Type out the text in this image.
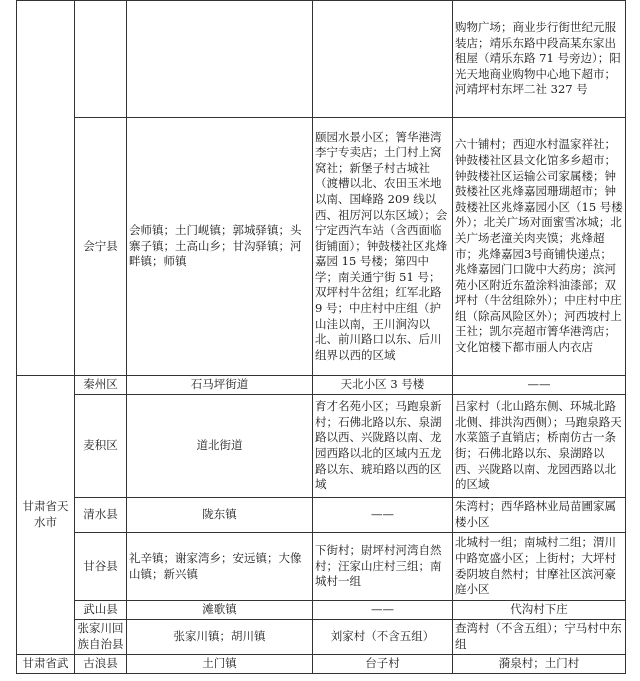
				购物广场；商业步行街世纪元服装店；靖乐东路中段高某东家出租屋（靖乐东路 71 号旁边）；阳光天地商业购物中心地下超市；河靖坪村东坪二社 327 号
	会宁县	会师镇；土门岘镇；郭城驿镇；头寨子镇；土高山乡；甘沟驿镇；河畔镇；师镇	颐园水景小区；箐华港湾李宁专卖店；土门村上窝窝社；新堡子村古城社（渡槽以北、农田玉米地以南、国峰路 209 线以西、祖厉河以东区域）；会宁定西汽车站（含西面临街铺面）；钟鼓楼社区兆烽嘉园 15 号楼；第四中学；南关通宁街 51 号；双坪村牛岔组；红军北路 9 号；中庄村中庄组（护山洼以南，王川涧沟以北、前川路口以东、后川组界以西的区域	六十铺村；西迎水村温家祥社；钟鼓楼社区县文化馆多乡超市；钟鼓楼社区运输公司家属楼；钟鼓楼社区兆烽嘉园珊瑚超市；钟鼓楼社区兆烽嘉园小区（15 号楼外）；北关广场对面蜜雪冰城；北关广场老潼关肉夹馍；兆烽超市；兆烽嘉园3号商铺快递点；兆烽嘉园门口陇中大药房；滨河苑小区附近东盈涂料油漆部；双坪村（牛岔组除外）；中庄村中庄组（除高风险区外）；河西坡村上王社；凯尔亮超市箐华港湾店；文化馆楼下都市丽人内衣店
甘肃省天水市	秦州区	石马坪街道	天北小区 3 号楼	——
	麦积区	道北街道	育才名苑小区；马跑泉新村；石佛北路以东、泉湖路以西、兴陇路以南、龙园西路以北的区域内五龙路以东、琥珀路以西的区域	吕家村（北山路东侧、环城北路北侧、排洪沟西侧）；马跑泉路天水菜篮子直销店；桥南仿古一条街；石佛北路以东、泉湖路以西、兴陇路以南、龙园西路以北的区域
	清水县	陇东镇	——	朱湾村；西华路林业局苗圃家属楼小区
	甘谷县	礼辛镇；谢家湾乡；安远镇；大像山镇；新兴镇	下街村；尉坪村河湾自然村；汪家山庄村三组；南城村一组	北城村一组；南城村二组；渭川中路宽盛小区；上街村；大坪村委阴坡自然村；甘摩社区滨河豪庭小区
	武山县	滩歌镇	——	代沟村下庄
	张家川回族自治县	张家川镇；胡川镇	刘家村（不含五组）	查湾村（不含五组）；宁马村中东组
甘肃省武	古浪县	土门镇	台子村	漪泉村；土门村
